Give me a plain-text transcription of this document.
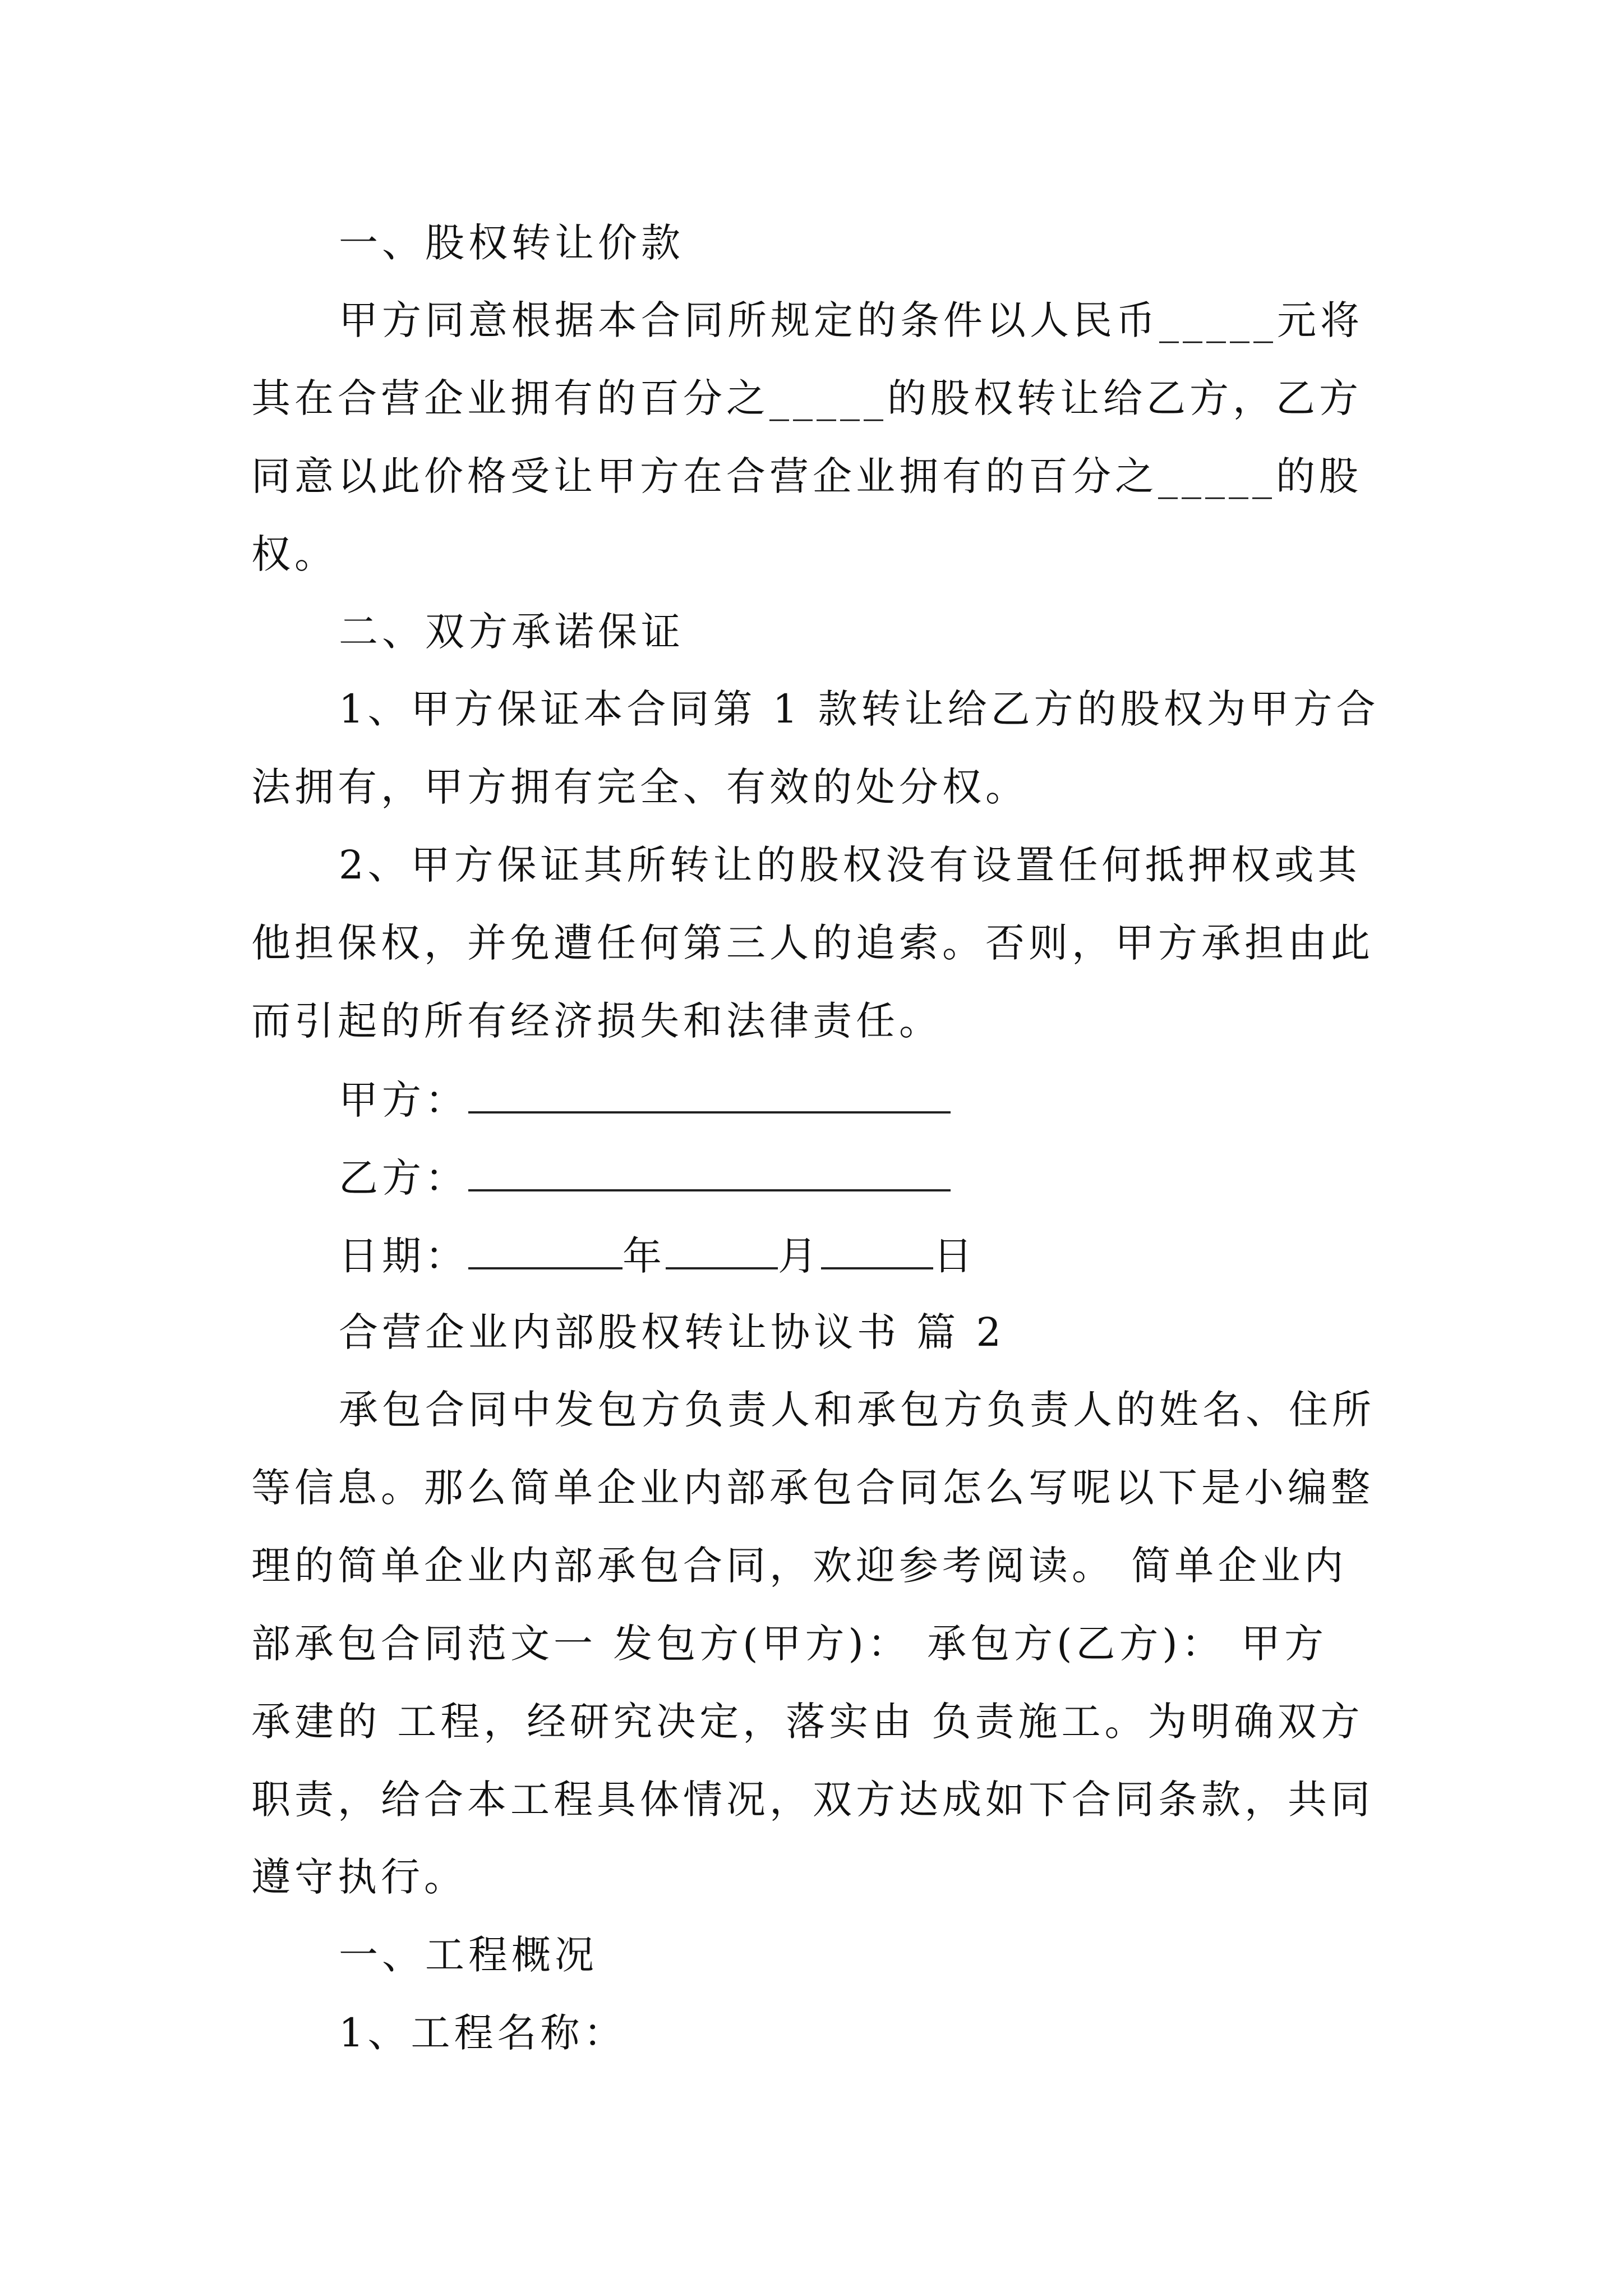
一、股权转让价款
甲方同意根据本合同所规定的条件以人民币_____元将
其在合营企业拥有的百分之_____的股权转让给乙方，乙方
同意以此价格受让甲方在合营企业拥有的百分之_____的股
权。
二、双方承诺保证
1、甲方保证本合同第 1 款转让给乙方的股权为甲方合
法拥有，甲方拥有完全、有效的处分权。
2、甲方保证其所转让的股权没有设置任何抵押权或其
他担保权，并免遭任何第三人的追索。否则，甲方承担由此
而引起的所有经济损失和法律责任。
甲方：
乙方：
日期：	年	月	日
合营企业内部股权转让协议书 篇 2
承包合同中发包方负责人和承包方负责人的姓名、住所
等信息。那么简单企业内部承包合同怎么写呢以下是小编整
理的简单企业内部承包合同，欢迎参考阅读。 简单企业内
部承包合同范文一 发包方(甲方)： 承包方(乙方)： 甲方
承建的 工程，经研究决定，落实由 负责施工。为明确双方
职责，给合本工程具体情况，双方达成如下合同条款，共同
遵守执行。
一、工程概况
1、工程名称：
